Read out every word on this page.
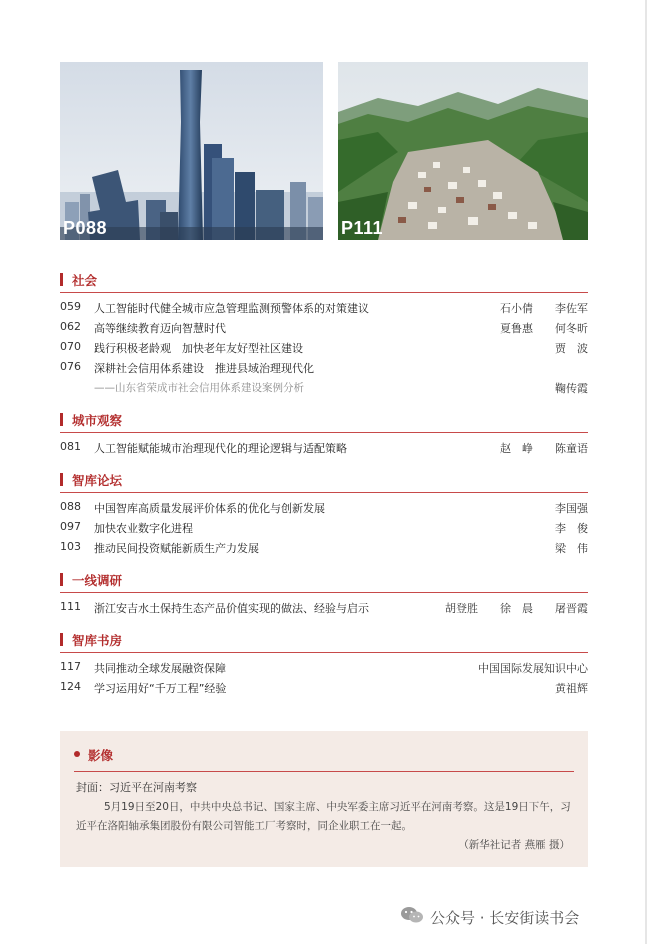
P088	P111
社会
059	人工智能时代健全城市应急管理监测预警体系的对策建议	石小倩　　李佐军
062	高等继续教育迈向智慧时代	夏鲁惠　　何冬昕
070	践行积极老龄观　加快老年友好型社区建设	贾　波
076	深耕社会信用体系建设　推进县域治理现代化
——山东省荣成市社会信用体系建设案例分析	鞠传霞
城市观察
081	人工智能赋能城市治理现代化的理论逻辑与适配策略	赵　峥　　陈童语
智库论坛
088	中国智库高质量发展评价体系的优化与创新发展	李国强
097	加快农业数字化进程	李　俊
103	推动民间投资赋能新质生产力发展	梁　伟
一线调研
111	浙江安吉水土保持生态产品价值实现的做法、经验与启示	胡登胜　　徐　晨　　屠晋霞
智库书房
117	共同推动全球发展融资保障	中国国际发展知识中心
124	学习运用好“千万工程”经验	黄祖辉
影像
封面：习近平在河南考察
5月19日至20日，中共中央总书记、国家主席、中央军委主席习近平在河南考察。这是19日下午，习近平在洛阳轴承集团股份有限公司智能工厂考察时，同企业职工在一起。
（新华社记者 燕雁 摄）
公众号 · 长安街读书会
